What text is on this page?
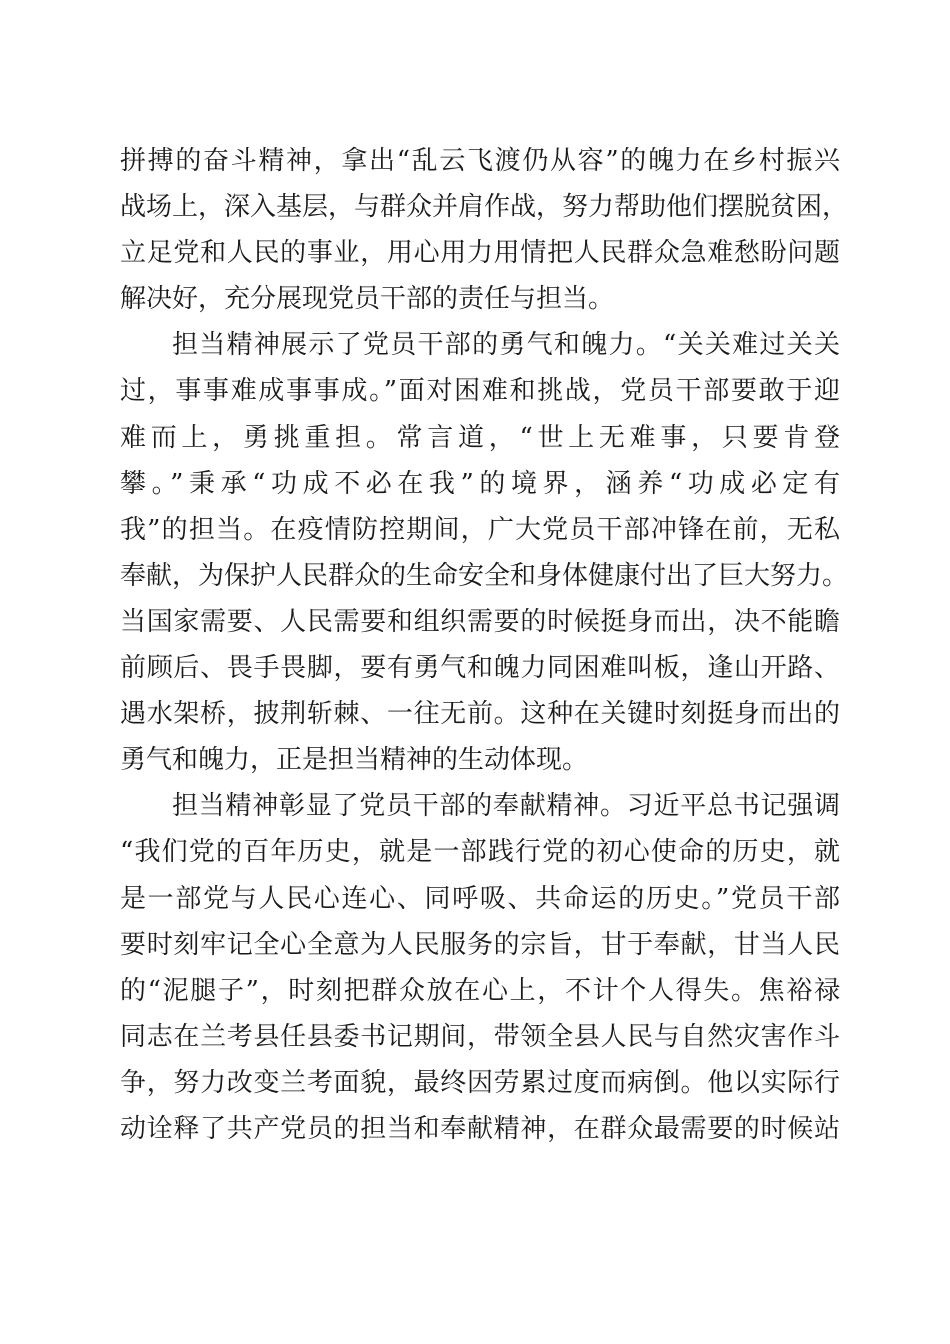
拼搏的奋斗精神，拿出“乱云飞渡仍从容”的魄力在乡村振兴
战场上，深入基层，与群众并肩作战，努力帮助他们摆脱贫困，
立足党和人民的事业，用心用力用情把人民群众急难愁盼问题
解决好，充分展现党员干部的责任与担当。
担当精神展示了党员干部的勇气和魄力。“关关难过关关
过，事事难成事事成。”面对困难和挑战，党员干部要敢于迎
难而上，勇挑重担。常言道，“世上无难事，只要肯登
攀。”秉承“功成不必在我”的境界，涵养“功成必定有
我”的担当。在疫情防控期间，广大党员干部冲锋在前，无私
奉献，为保护人民群众的生命安全和身体健康付出了巨大努力。
当国家需要、人民需要和组织需要的时候挺身而出，决不能瞻
前顾后、畏手畏脚，要有勇气和魄力同困难叫板，逢山开路、
遇水架桥，披荆斩棘、一往无前。这种在关键时刻挺身而出的
勇气和魄力，正是担当精神的生动体现。
担当精神彰显了党员干部的奉献精神。习近平总书记强调
“我们党的百年历史，就是一部践行党的初心使命的历史，就
是一部党与人民心连心、同呼吸、共命运的历史。”党员干部
要时刻牢记全心全意为人民服务的宗旨，甘于奉献，甘当人民
的“泥腿子”，时刻把群众放在心上，不计个人得失。焦裕禄
同志在兰考县任县委书记期间，带领全县人民与自然灾害作斗
争，努力改变兰考面貌，最终因劳累过度而病倒。他以实际行
动诠释了共产党员的担当和奉献精神，在群众最需要的时候站
